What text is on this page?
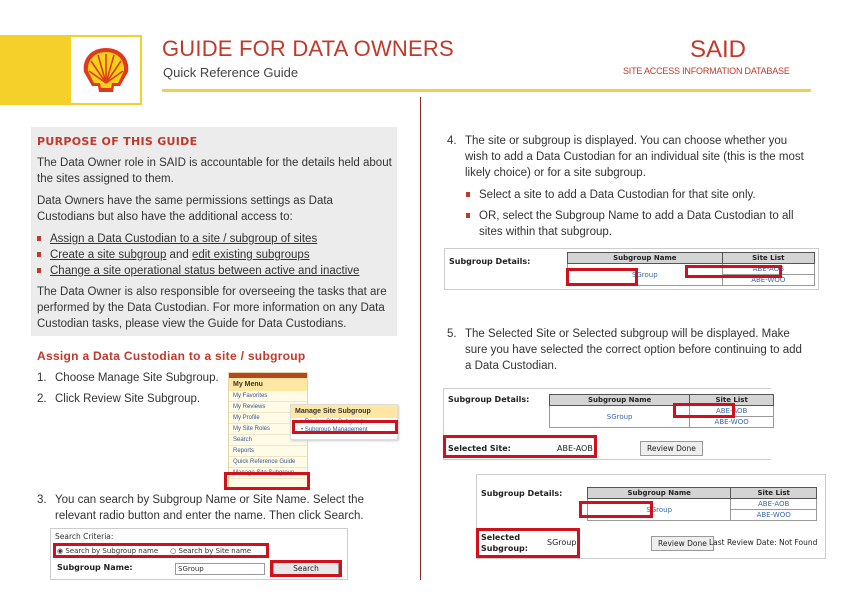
GUIDE FOR DATA OWNERS
Quick Reference Guide
SAID
SITE ACCESS INFORMATION DATABASE
PURPOSE OF THIS GUIDE
The Data Owner role in SAID is accountable for the details held about the sites assigned to them.
Data Owners have the same permissions settings as Data Custodians but also have the additional access to:
Assign a Data Custodian to a site / subgroup of sites
Create a site subgroup and edit existing subgroups
Change a site operational status between active and inactive
The Data Owner is also responsible for overseeing the tasks that are performed by the Data Custodian. For more information on any Data Custodian tasks, please view the Guide for Data Custodians.
Assign a Data Custodian to a site / subgroup
1. Choose Manage Site Subgroup.
2. Click Review Site Subgroup.
My Menu
My Favorites
My Reviews
My Profile
My Site Roles
Search
Reports
Quick Reference Guide
Manage Site Subgroup
Manage Site Subgroup
• Review Site Subgroup
• Subgroup Management
3. You can search by Subgroup Name or Site Name. Select the relevant radio button and enter the name. Then click Search.
Search Criteria:
◉ Search by Subgroup name ○ Search by Site name
Subgroup Name:	SGroup	Search
4. The site or subgroup is displayed. You can choose whether you wish to add a Data Custodian for an individual site (this is the most likely choice) or for a site subgroup.
Select a site to add a Data Custodian for that site only.
OR, select the Subgroup Name to add a Data Custodian to all sites within that subgroup.
Subgroup Details:	Subgroup Name	Site List
SGroup	ABE-AOB
	ABE-WOO
5. The Selected Site or Selected subgroup will be displayed. Make sure you have selected the correct option before continuing to add a Data Custodian.
Subgroup Details:	Subgroup Name	Site List
SGroup	ABE-AOB
	ABE-WOO
Selected Site:	ABE-AOB	Review Done
Subgroup Details:	Subgroup Name	Site List
SGroup	ABE-AOB
	ABE-WOO
Selected
Subgroup:
SGroup	Review Done Last Review Date: Not Found
